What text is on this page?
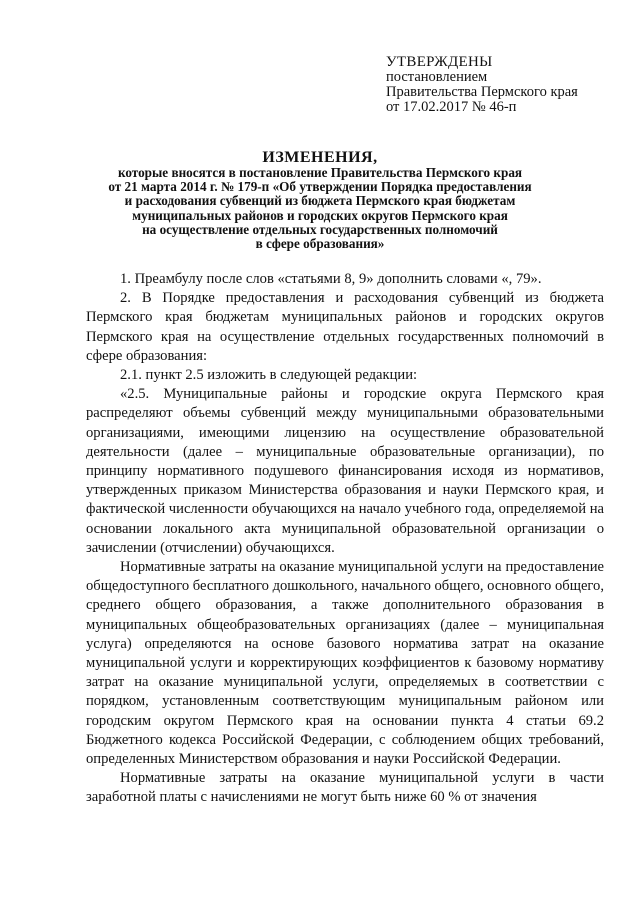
УТВЕРЖДЕНЫ
постановлением
Правительства Пермского края
от 17.02.2017 № 46-п
ИЗМЕНЕНИЯ,
которые вносятся в постановление Правительства Пермского края
от 21 марта 2014 г. № 179-п «Об утверждении Порядка предоставления
и расходования субвенций из бюджета Пермского края бюджетам
муниципальных районов и городских округов Пермского края
на осуществление отдельных государственных полномочий
в сфере образования»

1. Преамбулу после слов «статьями 8, 9» дополнить словами «, 79».

2. В Порядке предоставления и расходования субвенций из бюджета Пермского края бюджетам муниципальных районов и городских округов Пермского края на осуществление отдельных государственных полномочий в сфере образования:

2.1. пункт 2.5 изложить в следующей редакции:

«2.5. Муниципальные районы и городские округа Пермского края распределяют объемы субвенций между муниципальными образовательными организациями, имеющими лицензию на осуществление образовательной деятельности (далее – муниципальные образовательные организации), по принципу нормативного подушевого финансирования исходя из нормативов, утвержденных приказом Министерства образования и науки Пермского края, и фактической численности обучающихся на начало учебного года, определяемой на основании локального акта муниципальной образовательной организации о зачислении (отчислении) обучающихся.

Нормативные затраты на оказание муниципальной услуги на предоставление общедоступного бесплатного дошкольного, начального общего, основного общего, среднего общего образования, а также дополнительного образования в муниципальных общеобразовательных организациях (далее – муниципальная услуга) определяются на основе базового норматива затрат на оказание муниципальной услуги и корректирующих коэффициентов к базовому нормативу затрат на оказание муниципальной услуги, определяемых в соответствии с порядком, установленным соответствующим муниципальным районом или городским округом Пермского края на основании пункта 4 статьи 69.2 Бюджетного кодекса Российской Федерации, с соблюдением общих требований, определенных Министерством образования и науки Российской Федерации.

Нормативные затраты на оказание муниципальной услуги в части заработной платы с начислениями не могут быть ниже 60 % от значения
